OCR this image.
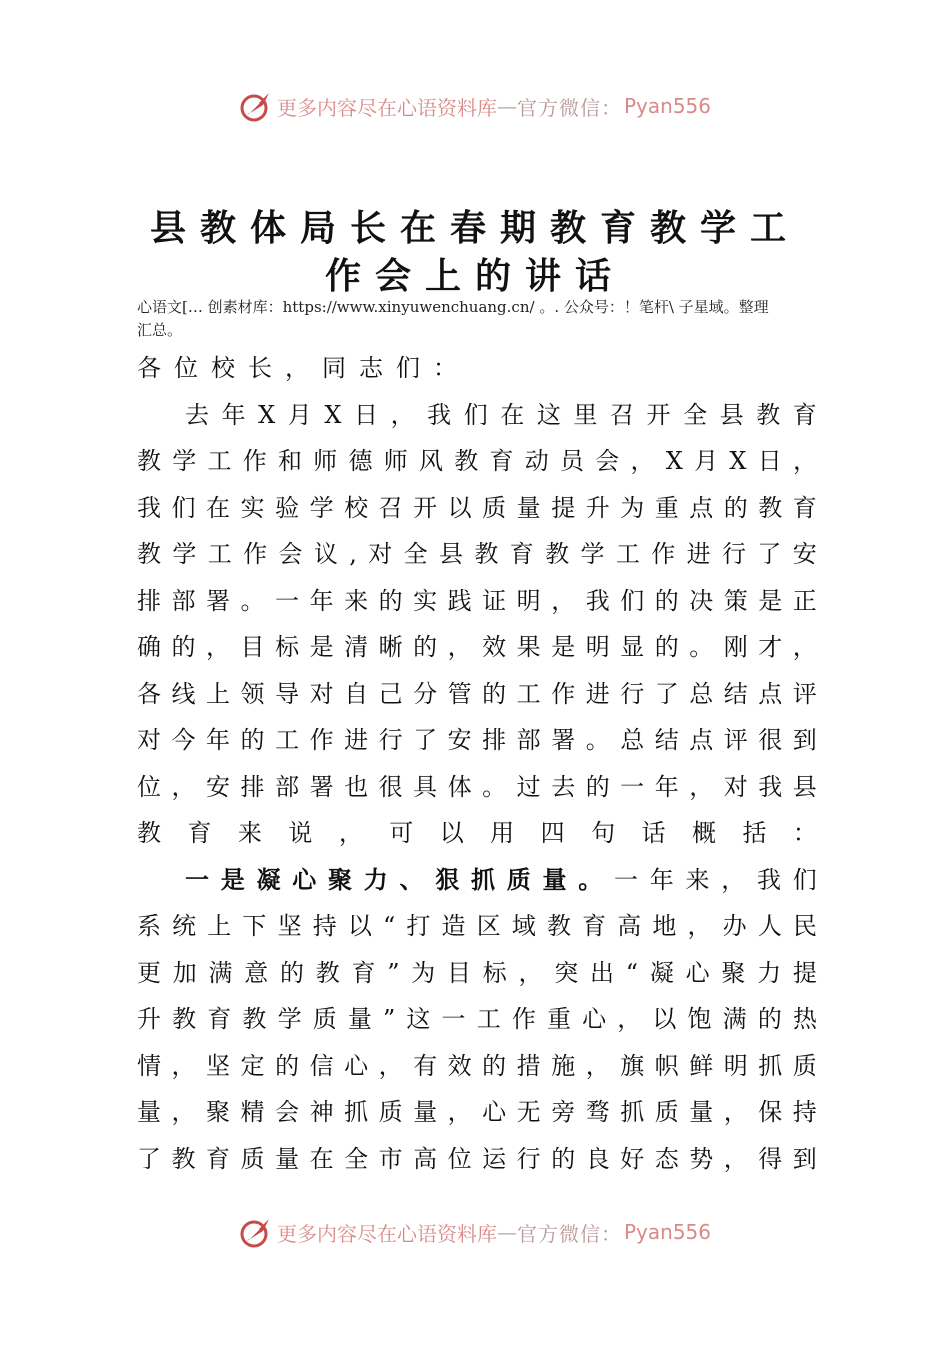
更多内容尽在心语资料库 — 官方微信： Pyan556
县教体局长在春期教育教学工
作会上的讲话
心语文[… 创素材库：https://www.xinyuwenchuang.cn/ 。. 公众号：！笔杆\ 子星域。整理
汇总。
各位校长，同志们：
去 年 X 月 X 日 ， 我 们 在 这 里 召 开 全 县 教 育
教 学 工 作 和 师 德 师 风 教 育 动 员 会 ， X 月 X 日 ，
我 们 在 实 验 学 校 召 开 以 质 量 提 升 为 重 点 的 教 育
教 学 工 作 会 议 , 对 全 县 教 育 教 学 工 作 进 行 了 安
排 部 署 。 一 年 来 的 实 践 证 明 ， 我 们 的 决 策 是 正
确 的 ， 目 标 是 清 晰 的 ， 效 果 是 明 显 的 。 刚 才 ，
各 线 上 领 导 对 自 己 分 管 的 工 作 进 行 了 总 结 点 评
对 今 年 的 工 作 进 行 了 安 排 部 署 。 总 结 点 评 很 到
位 ， 安 排 部 署 也 很 具 体 。 过 去 的 一 年 ， 对 我 县
教 育 来 说 ， 可 以 用 四 句 话 概 括 ：
一 是 凝 心 聚 力 、 狠 抓 质 量 。 一 年 来 ， 我 们
系 统 上 下 坚 持 以 “ 打 造 区 域 教 育 高 地 ， 办 人 民
更 加 满 意 的 教 育 ” 为 目 标 ， 突 出 “ 凝 心 聚 力 提
升 教 育 教 学 质 量 ” 这 一 工 作 重 心 ， 以 饱 满 的 热
情 ， 坚 定 的 信 心 ， 有 效 的 措 施 ， 旗 帜 鲜 明 抓 质
量 ， 聚 精 会 神 抓 质 量 ， 心 无 旁 骛 抓 质 量 ， 保 持
了 教 育 质 量 在 全 市 高 位 运 行 的 良 好 态 势 ， 得 到
更多内容尽在心语资料库 — 官方微信： Pyan556
